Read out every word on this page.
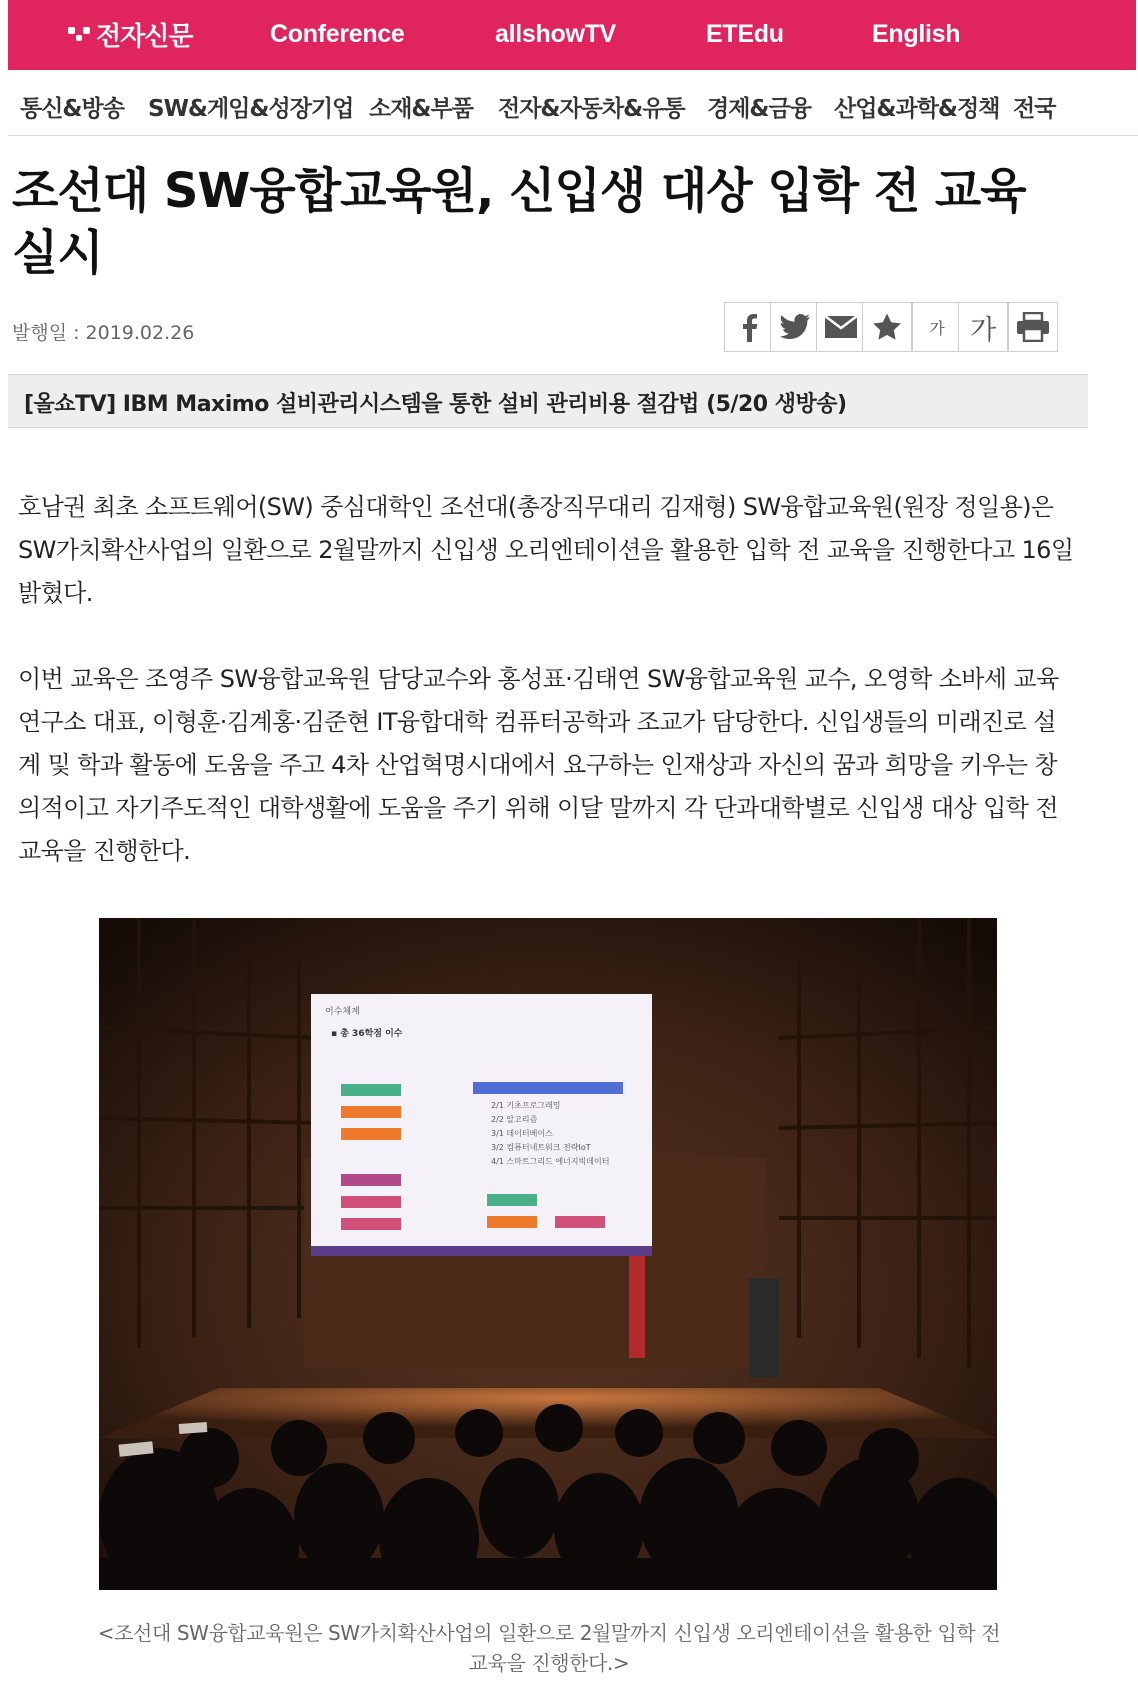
전자신문	Conference	allshowTV	ETEdu	English
통신&방송 SW&게임&성장기업 소재&부품 전자&자동차&유통 경제&금융 산업&과학&정책 전국
조선대 SW융합교육원, 신입생 대상 입학 전 교육
실시
발행일 : 2019.02.26	가 가
[올쇼TV] IBM Maximo 설비관리시스템을 통한 설비 관리비용 절감법 (5/20 생방송)

호남권 최초 소프트웨어(SW) 중심대학인 조선대(총장직무대리 김재형) SW융합교육원(원장 정일용)은 SW가치확산사업의 일환으로 2월말까지 신입생 오리엔테이션을 활용한 입학 전 교육을 진행한다고 16일 밝혔다.

이번 교육은 조영주 SW융합교육원 담당교수와 홍성표·김태연 SW융합교육원 교수, 오영학 소바세 교육연구소 대표, 이형훈·김계홍·김준현 IT융합대학 컴퓨터공학과 조교가 담당한다. 신입생들의 미래진로 설계 및 학과 활동에 도움을 주고 4차 산업혁명시대에서 요구하는 인재상과 자신의 꿈과 희망을 키우는 창의적이고 자기주도적인 대학생활에 도움을 주기 위해 이달 말까지 각 단과대학별로 신입생 대상 입학 전 교육을 진행한다.

이수체계
▪ 총 36학점 이수
2/1 기초프로그래밍
2/2 알고리즘
3/1 데이터베이스
3/2 컴퓨터네트워크 전략IoT
4/1 스마트그리드 에너지빅데이터
<조선대 SW융합교육원은 SW가치확산사업의 일환으로 2월말까지 신입생 오리엔테이션을 활용한 입학 전 교육을 진행한다.>
